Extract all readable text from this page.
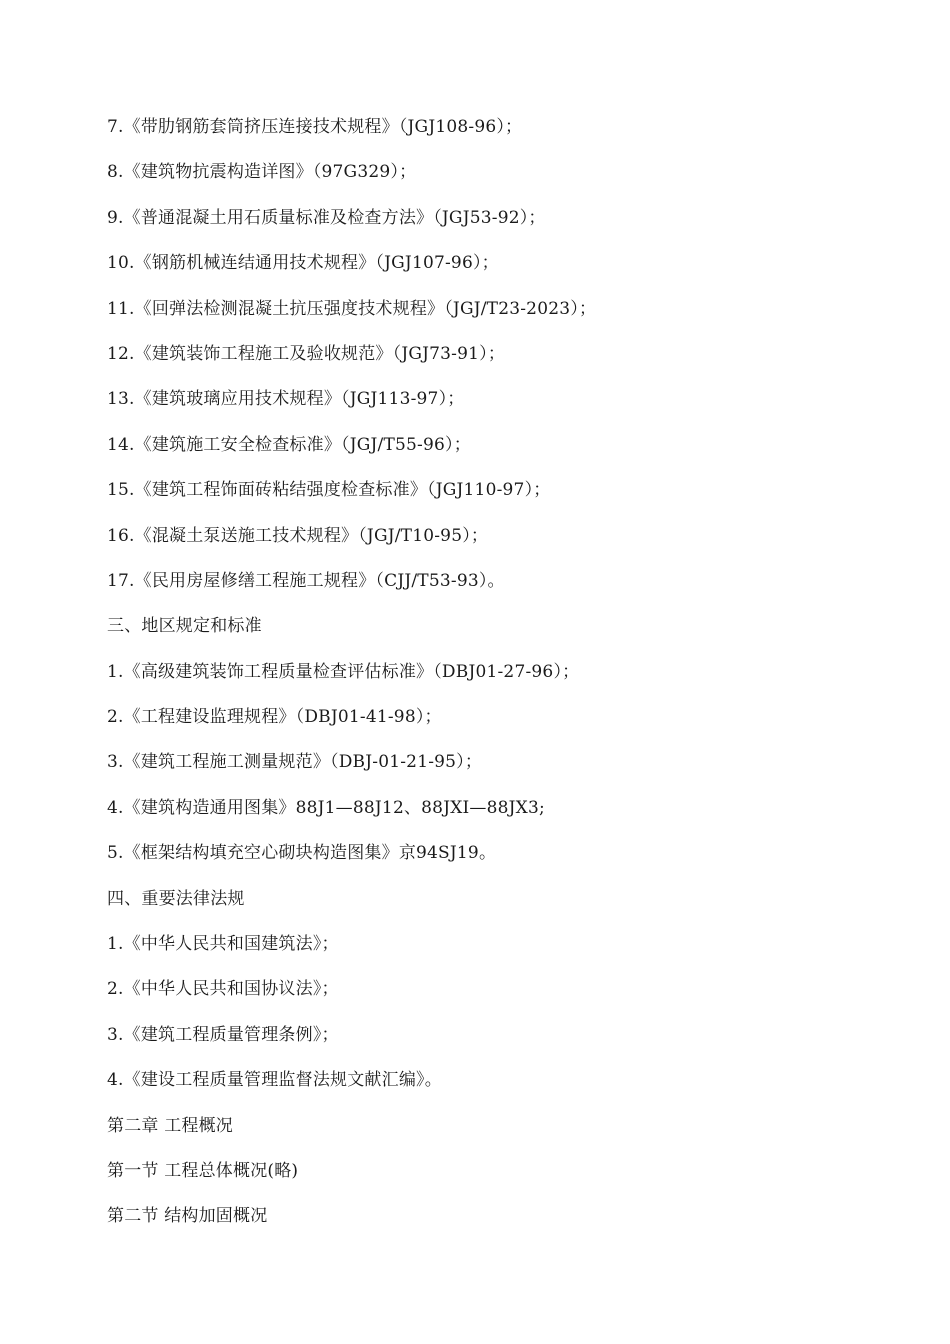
7.《带肋钢筋套筒挤压连接技术规程》（JGJ108-96）；
8.《建筑物抗震构造详图》（97G329）；
9.《普通混凝土用石质量标准及检查方法》（JGJ53-92）；
10.《钢筋机械连结通用技术规程》（JGJ107-96）；
11.《回弹法检测混凝土抗压强度技术规程》（JGJ/T23-2023）；
12.《建筑装饰工程施工及验收规范》（JGJ73-91）；
13.《建筑玻璃应用技术规程》（JGJ113-97）；
14.《建筑施工安全检查标准》（JGJ/T55-96）；
15.《建筑工程饰面砖粘结强度检查标准》（JGJ110-97）；
16.《混凝土泵送施工技术规程》（JGJ/T10-95）；
17.《民用房屋修缮工程施工规程》（CJJ/T53-93）。
三、地区规定和标准
1.《高级建筑装饰工程质量检查评估标准》（DBJ01-27-96）；
2.《工程建设监理规程》（DBJ01-41-98）；
3.《建筑工程施工测量规范》（DBJ-01-21-95）；
4.《建筑构造通用图集》88J1—88J12、88JXI—88JX3;
5.《框架结构填充空心砌块构造图集》京94SJ19。
四、重要法律法规
1.《中华人民共和国建筑法》；
2.《中华人民共和国协议法》；
3.《建筑工程质量管理条例》；
4.《建设工程质量管理监督法规文献汇编》。
第二章 工程概况
第一节 工程总体概况(略)
第二节 结构加固概况
